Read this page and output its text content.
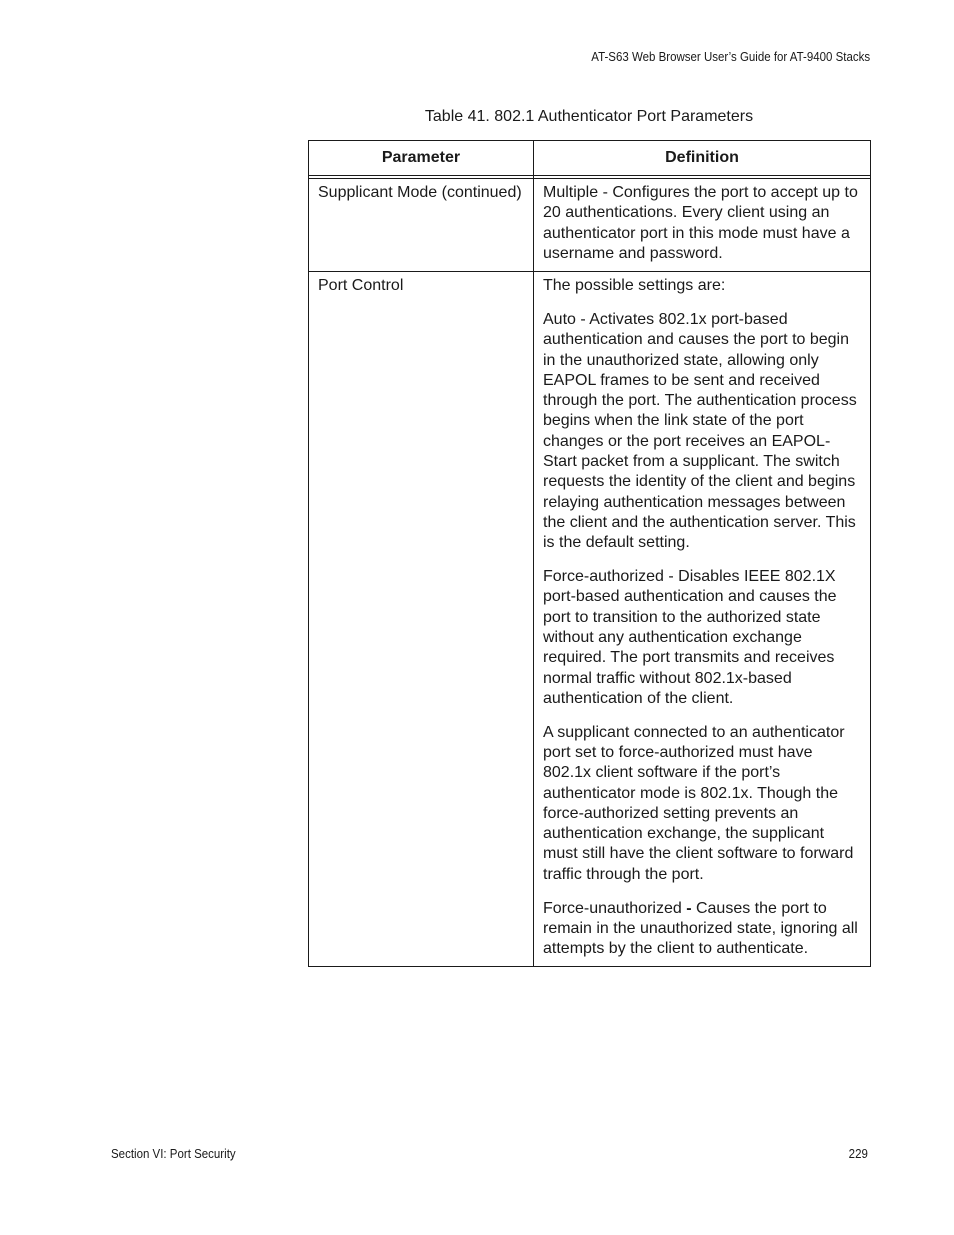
AT-S63 Web Browser User’s Guide for AT-9400 Stacks
Table 41. 802.1 Authenticator Port Parameters
Parameter	Definition

Supplicant Mode (continued)	Multiple - Configures the port to accept up to 20 authentications. Every client using an authenticator port in this mode must have a username and password.

Port Control	The possible settings are:

Auto - Activates 802.1x port-based authentication and causes the port to begin in the unauthorized state, allowing only EAPOL frames to be sent and received through the port. The authentication process begins when the link state of the port changes or the port receives an EAPOL-Start packet from a supplicant. The switch requests the identity of the client and begins relaying authentication messages between the client and the authentication server. This is the default setting.

Force-authorized - Disables IEEE 802.1X port-based authentication and causes the port to transition to the authorized state without any authentication exchange required. The port transmits and receives normal traffic without 802.1x-based authentication of the client.

A supplicant connected to an authenticator port set to force-authorized must have 802.1x client software if the port’s authenticator mode is 802.1x. Though the force-authorized setting prevents an authentication exchange, the supplicant must still have the client software to forward traffic through the port.

Force-unauthorized - Causes the port to remain in the unauthorized state, ignoring all attempts by the client to authenticate.

Section VI: Port Security	229
